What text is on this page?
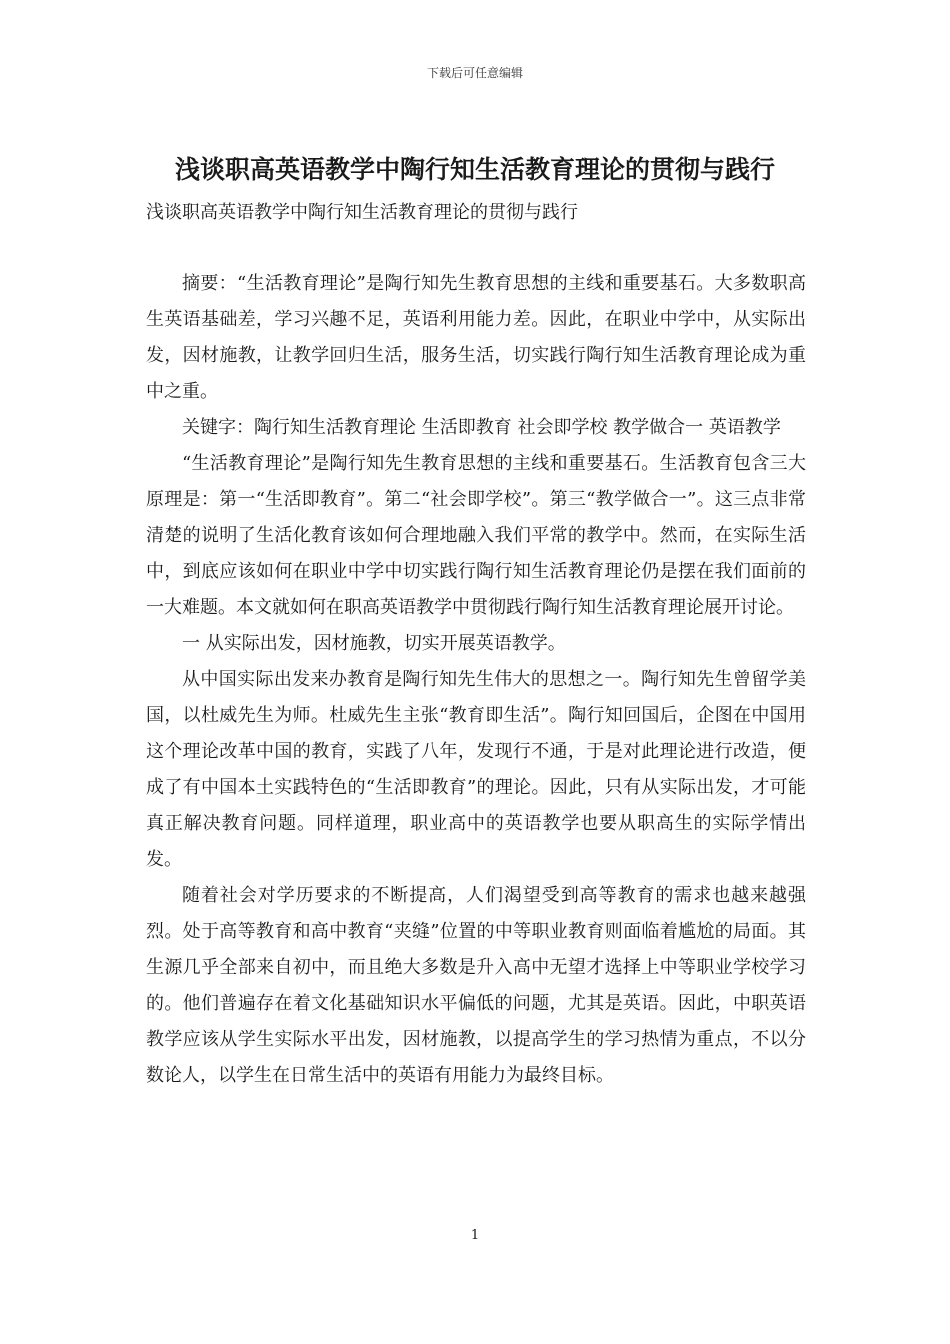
下载后可任意编辑
浅谈职高英语教学中陶行知生活教育理论的贯彻与践行
浅谈职高英语教学中陶行知生活教育理论的贯彻与践行

摘要：“生活教育理论”是陶行知先生教育思想的主线和重要基石。大多数职高生英语基础差，学习兴趣不足，英语利用能力差。因此，在职业中学中，从实际出发，因材施教，让教学回归生活，服务生活，切实践行陶行知生活教育理论成为重中之重。

关键字：陶行知生活教育理论 生活即教育 社会即学校 教学做合一 英语教学

“生活教育理论”是陶行知先生教育思想的主线和重要基石。生活教育包含三大原理是：第一“生活即教育”。第二“社会即学校”。第三“教学做合一”。这三点非常清楚的说明了生活化教育该如何合理地融入我们平常的教学中。然而，在实际生活中，到底应该如何在职业中学中切实践行陶行知生活教育理论仍是摆在我们面前的一大难题。本文就如何在职高英语教学中贯彻践行陶行知生活教育理论展开讨论。

一 从实际出发，因材施教，切实开展英语教学。

从中国实际出发来办教育是陶行知先生伟大的思想之一。陶行知先生曾留学美国，以杜威先生为师。杜威先生主张“教育即生活”。陶行知回国后，企图在中国用这个理论改革中国的教育，实践了八年，发现行不通，于是对此理论进行改造，便成了有中国本土实践特色的“生活即教育”的理论。因此，只有从实际出发，才可能真正解决教育问题。同样道理，职业高中的英语教学也要从职高生的实际学情出发。

随着社会对学历要求的不断提高，人们渴望受到高等教育的需求也越来越强烈。处于高等教育和高中教育“夹缝”位置的中等职业教育则面临着尴尬的局面。其生源几乎全部来自初中，而且绝大多数是升入高中无望才选择上中等职业学校学习的。他们普遍存在着文化基础知识水平偏低的问题，尤其是英语。因此，中职英语教学应该从学生实际水平出发，因材施教，以提高学生的学习热情为重点，不以分数论人，以学生在日常生活中的英语有用能力为最终目标。

1
